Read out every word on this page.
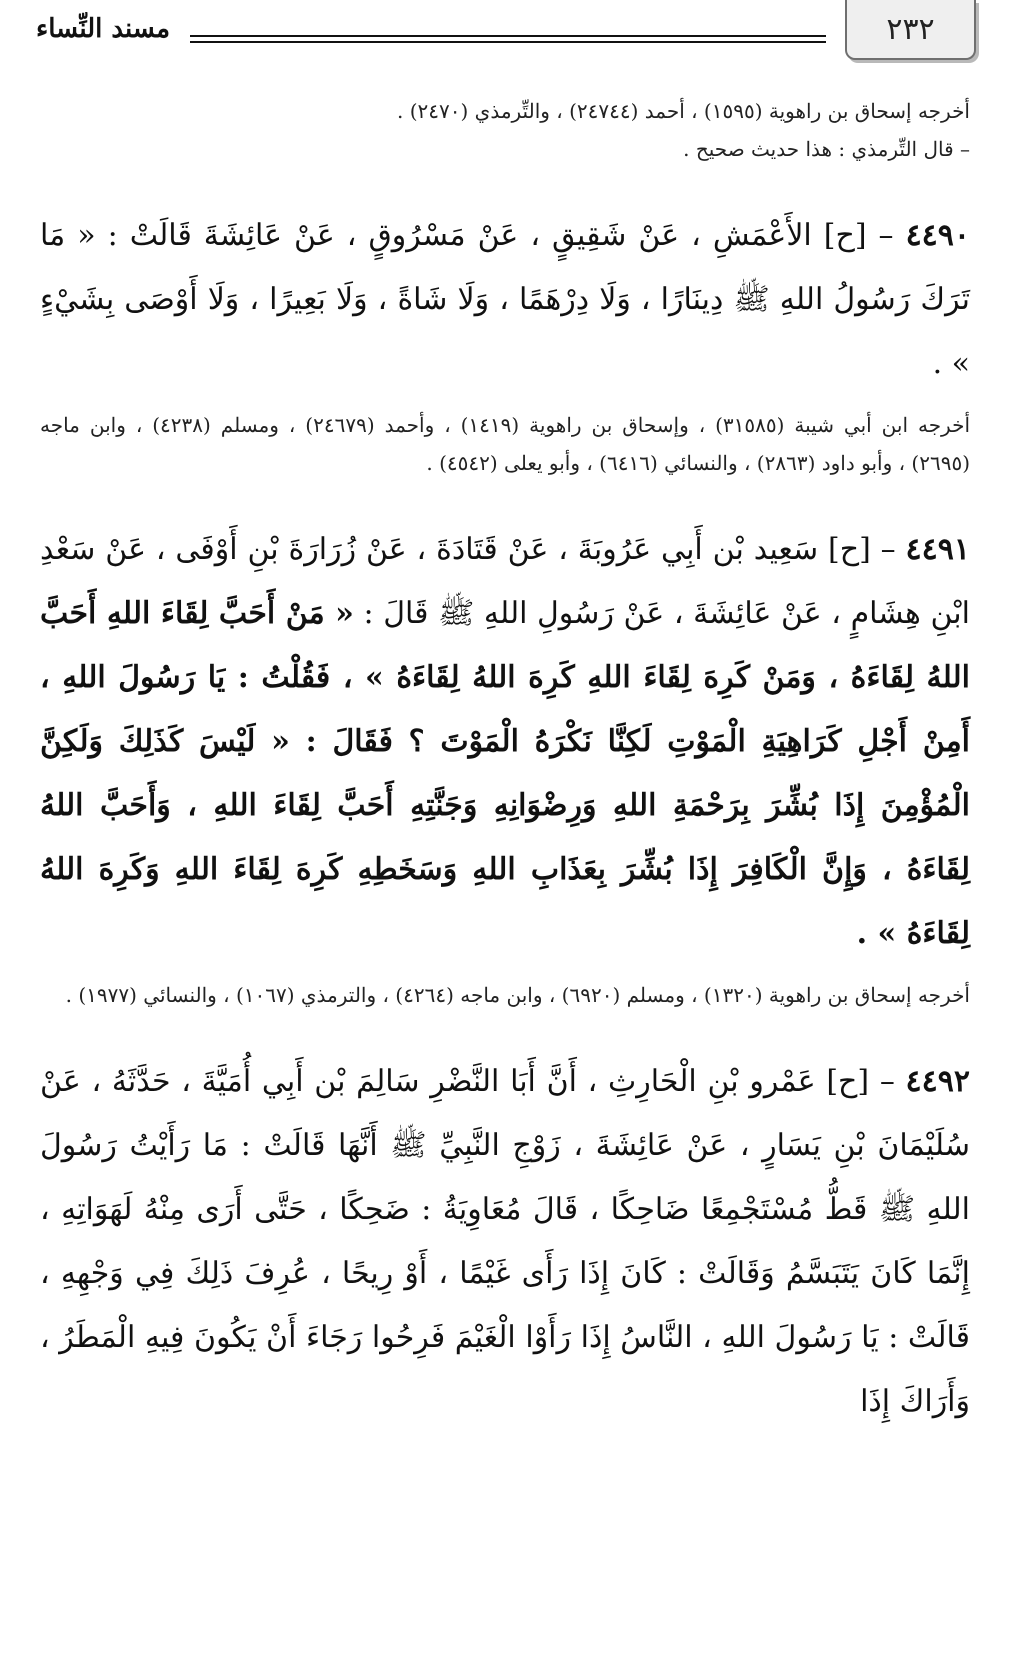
٢٣٢
مسند النِّساء

أخرجه إسحاق بن راهوية (١٥٩٥) ، أحمد (٢٤٧٤٤) ، والتِّرمذي (٢٤٧٠) .

– قال التِّرمذي : هذا حديث صحيح .

٤٤٩٠ – [ح] الأَعْمَشِ ، عَنْ شَقِيقٍ ، عَنْ مَسْرُوقٍ ، عَنْ عَائِشَةَ قَالَتْ : « مَا تَرَكَ رَسُولُ اللهِ ﷺ دِينَارًا ، وَلَا دِرْهَمًا ، وَلَا شَاةً ، وَلَا بَعِيرًا ، وَلَا أَوْصَى بِشَيْءٍ » .

أخرجه ابن أبي شيبة (٣١٥٨٥) ، وإسحاق بن راهوية (١٤١٩) ، وأحمد (٢٤٦٧٩) ، ومسلم (٤٢٣٨) ، وابن ماجه (٢٦٩٥) ، وأبو داود (٢٨٦٣) ، والنسائي (٦٤١٦) ، وأبو يعلى (٤٥٤٢) .

٤٤٩١ – [ح] سَعِيد بْن أَبِي عَرُوبَةَ ، عَنْ قَتَادَةَ ، عَنْ زُرَارَةَ بْنِ أَوْفَى ، عَنْ سَعْدِ ابْنِ هِشَامٍ ، عَنْ عَائِشَةَ ، عَنْ رَسُولِ اللهِ ﷺ قَالَ : « مَنْ أَحَبَّ لِقَاءَ اللهِ أَحَبَّ اللهُ لِقَاءَهُ ، وَمَنْ كَرِهَ لِقَاءَ اللهِ كَرِهَ اللهُ لِقَاءَهُ » ، فَقُلْتُ : يَا رَسُولَ اللهِ ، أَمِنْ أَجْلِ كَرَاهِيَةِ الْمَوْتِ لَكِنَّا نَكْرَهُ الْمَوْتَ ؟ فَقَالَ : « لَيْسَ كَذَلِكَ وَلَكِنَّ الْمُؤْمِنَ إِذَا بُشِّرَ بِرَحْمَةِ اللهِ وَرِضْوَانِهِ وَجَنَّتِهِ أَحَبَّ لِقَاءَ اللهِ ، وَأَحَبَّ اللهُ لِقَاءَهُ ، وَإِنَّ الْكَافِرَ إِذَا بُشِّرَ بِعَذَابِ اللهِ وَسَخَطِهِ كَرِهَ لِقَاءَ اللهِ وَكَرِهَ اللهُ لِقَاءَهُ » .

أخرجه إسحاق بن راهوية (١٣٢٠) ، ومسلم (٦٩٢٠) ، وابن ماجه (٤٢٦٤) ، والترمذي (١٠٦٧) ، والنسائي (١٩٧٧) .

٤٤٩٢ – [ح] عَمْرو بْنِ الْحَارِثِ ، أَنَّ أَبَا النَّضْرِ سَالِمَ بْن أَبِي أُمَيَّةَ ، حَدَّثَهُ ، عَنْ سُلَيْمَانَ بْنِ يَسَارٍ ، عَنْ عَائِشَةَ ، زَوْجِ النَّبِيِّ ﷺ أَنَّهَا قَالَتْ : مَا رَأَيْتُ رَسُولَ اللهِ ﷺ قَطُّ مُسْتَجْمِعًا ضَاحِكًا ، قَالَ مُعَاوِيَةُ : ضَحِكًا ، حَتَّى أَرَى مِنْهُ لَهَوَاتِهِ ، إِنَّمَا كَانَ يَتَبَسَّمُ وَقَالَتْ : كَانَ إِذَا رَأَى غَيْمًا ، أَوْ رِيحًا ، عُرِفَ ذَلِكَ فِي وَجْهِهِ ، قَالَتْ : يَا رَسُولَ اللهِ ، النَّاسُ إِذَا رَأَوْا الْغَيْمَ فَرِحُوا رَجَاءَ أَنْ يَكُونَ فِيهِ الْمَطَرُ ، وَأَرَاكَ إِذَا
